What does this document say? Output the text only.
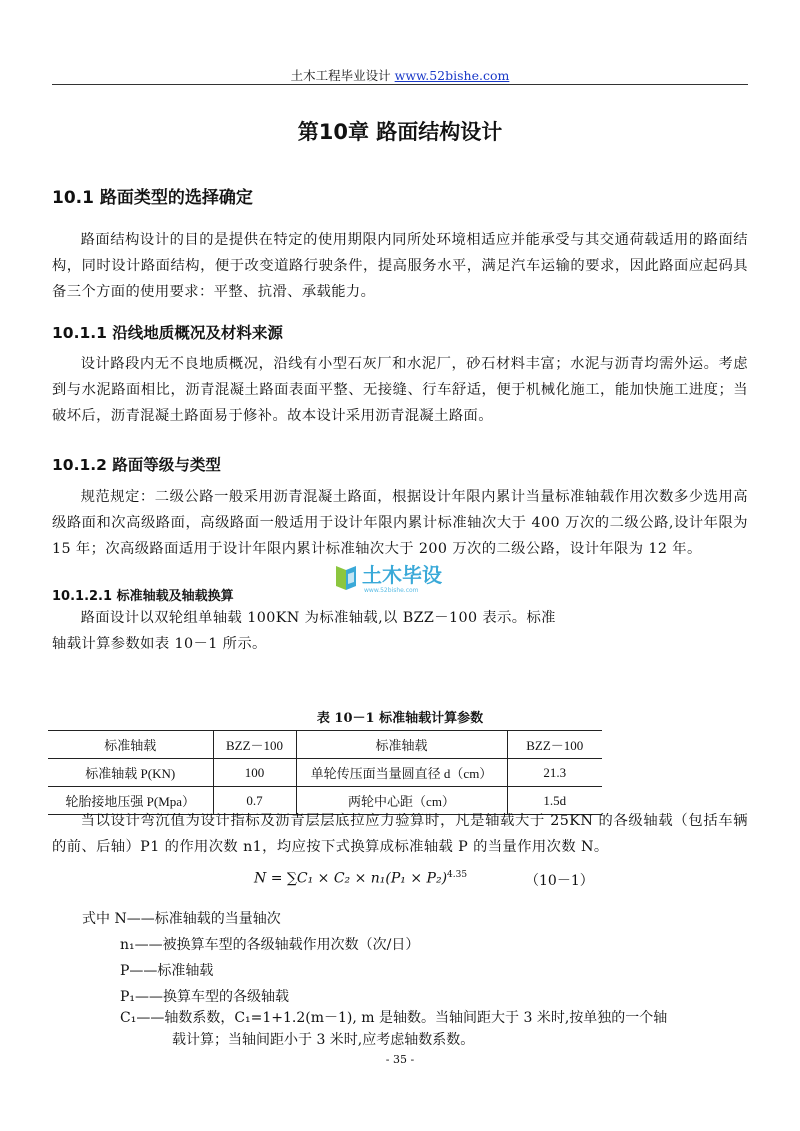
土木工程毕业设计 www.52bishe.com
第10章 路面结构设计
10.1 路面类型的选择确定
路面结构设计的目的是提供在特定的使用期限内同所处环境相适应并能承受与其交通荷载适用的路面结构，同时设计路面结构，便于改变道路行驶条件，提高服务水平，满足汽车运输的要求，因此路面应起码具备三个方面的使用要求：平整、抗滑、承载能力。
10.1.1 沿线地质概况及材料来源
设计路段内无不良地质概况，沿线有小型石灰厂和水泥厂，砂石材料丰富；水泥与沥青均需外运。考虑到与水泥路面相比，沥青混凝土路面表面平整、无接缝、行车舒适，便于机械化施工，能加快施工进度；当破坏后，沥青混凝土路面易于修补。故本设计采用沥青混凝土路面。
10.1.2 路面等级与类型
规范规定：二级公路一般采用沥青混凝土路面，根据设计年限内累计当量标准轴载作用次数多少选用高级路面和次高级路面，高级路面一般适用于设计年限内累计标准轴次大于 400 万次的二级公路,设计年限为 15 年；次高级路面适用于设计年限内累计标准轴次大于 200 万次的二级公路，设计年限为 12 年。
土木毕设
www.52bishe.com
10.1.2.1 标准轴载及轴载换算
路面设计以双轮组单轴载 100KN 为标准轴载,以 BZZ－100 表示。标准
轴载计算参数如表 10－1 所示。
表 10－1 标准轴载计算参数
标准轴载	BZZ－100	标准轴载	BZZ－100
标准轴载 P(KN)	100	单轮传压面当量圆直径 d（cm）	21.3
轮胎接地压强 P(Mpa）	0.7	两轮中心距（cm）	1.5d
当以设计弯沉值为设计指标及沥青层层底拉应力验算时，凡是轴载大于 25KN 的各级轴载（包括车辆的前、后轴）P1 的作用次数 n1，均应按下式换算成标准轴载 P 的当量作用次数 N。
$N = \sum C_1 \times C_2 \times n_1(P_1 \times P_2)^{4.35}$	（10－1）
式中 N——标准轴载的当量轴次
n₁——被换算车型的各级轴载作用次数（次/日）
P——标准轴载
P₁——换算车型的各级轴载
C₁——轴数系数，C₁=1+1.2(m－1), m 是轴数。当轴间距大于 3 米时,按单独的一个轴
载计算；当轴间距小于 3 米时,应考虑轴数系数。
- 35 -
